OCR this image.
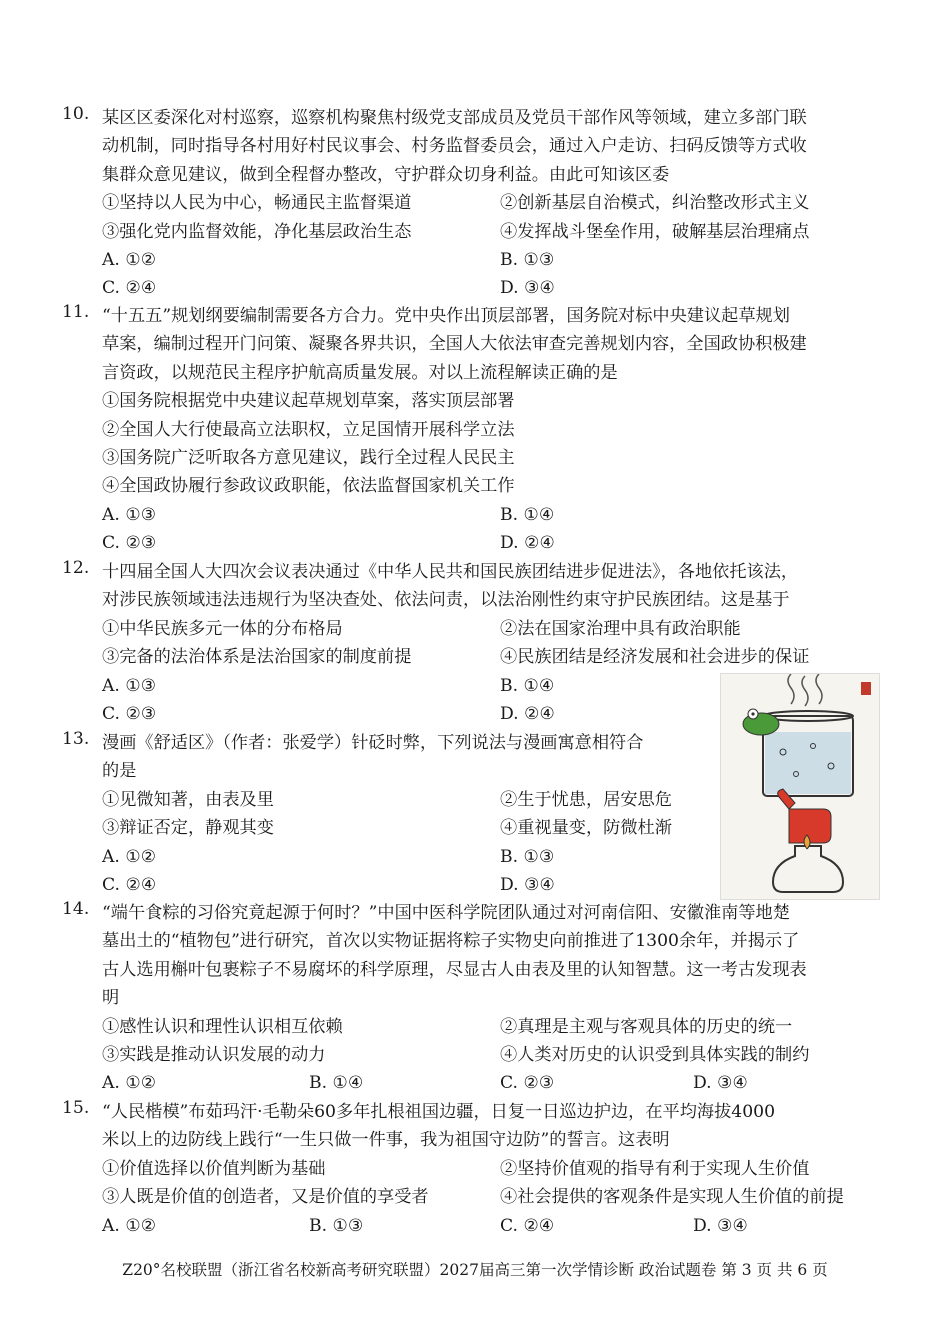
10. 某区区委深化对村巡察，巡察机构聚焦村级党支部成员及党员干部作风等领域，建立多部门联
动机制，同时指导各村用好村民议事会、村务监督委员会，通过入户走访、扫码反馈等方式收
集群众意见建议，做到全程督办整改，守护群众切身利益。由此可知该区委
①坚持以人民为中心，畅通民主监督渠道	②创新基层自治模式，纠治整改形式主义
③强化党内监督效能，净化基层政治生态	④发挥战斗堡垒作用，破解基层治理痛点
A. ①②	B. ①③
C. ②④	D. ③④
11. “十五五”规划纲要编制需要各方合力。党中央作出顶层部署，国务院对标中央建议起草规划
草案，编制过程开门问策、凝聚各界共识，全国人大依法审查完善规划内容，全国政协积极建
言资政，以规范民主程序护航高质量发展。对以上流程解读正确的是
①国务院根据党中央建议起草规划草案，落实顶层部署
②全国人大行使最高立法职权，立足国情开展科学立法
③国务院广泛听取各方意见建议，践行全过程人民民主
④全国政协履行参政议政职能，依法监督国家机关工作
A. ①③	B. ①④
C. ②③	D. ②④
12. 十四届全国人大四次会议表决通过《中华人民共和国民族团结进步促进法》，各地依托该法，
对涉民族领域违法违规行为坚决查处、依法问责，以法治刚性约束守护民族团结。这是基于
①中华民族多元一体的分布格局	②法在国家治理中具有政治职能
③完备的法治体系是法治国家的制度前提	④民族团结是经济发展和社会进步的保证
A. ①③	B. ①④
C. ②③	D. ②④
13. 漫画《舒适区》（作者：张爱学）针砭时弊，下列说法与漫画寓意相符合
的是
①见微知著，由表及里	②生于忧患，居安思危
③辩证否定，静观其变	④重视量变，防微杜渐
A. ①②	B. ①③
C. ②④	D. ③④
14. “端午食粽的习俗究竟起源于何时？”中国中医科学院团队通过对河南信阳、安徽淮南等地楚
墓出土的“植物包”进行研究，首次以实物证据将粽子实物史向前推进了1300余年，并揭示了
古人选用槲叶包裹粽子不易腐坏的科学原理，尽显古人由表及里的认知智慧。这一考古发现表
明
①感性认识和理性认识相互依赖	②真理是主观与客观具体的历史的统一
③实践是推动认识发展的动力	④人类对历史的认识受到具体实践的制约
A. ①②	B. ①④	C. ②③	D. ③④
15. “人民楷模”布茹玛汗·毛勒朵60多年扎根祖国边疆，日复一日巡边护边，在平均海拔4000
米以上的边防线上践行“一生只做一件事，我为祖国守边防”的誓言。这表明
①价值选择以价值判断为基础	②坚持价值观的指导有利于实现人生价值
③人既是价值的创造者，又是价值的享受者	④社会提供的客观条件是实现人生价值的前提
A. ①②	B. ①③	C. ②④	D. ③④
Z20°名校联盟（浙江省名校新高考研究联盟）2027届高三第一次学情诊断 政治试题卷 第 3 页 共 6 页
